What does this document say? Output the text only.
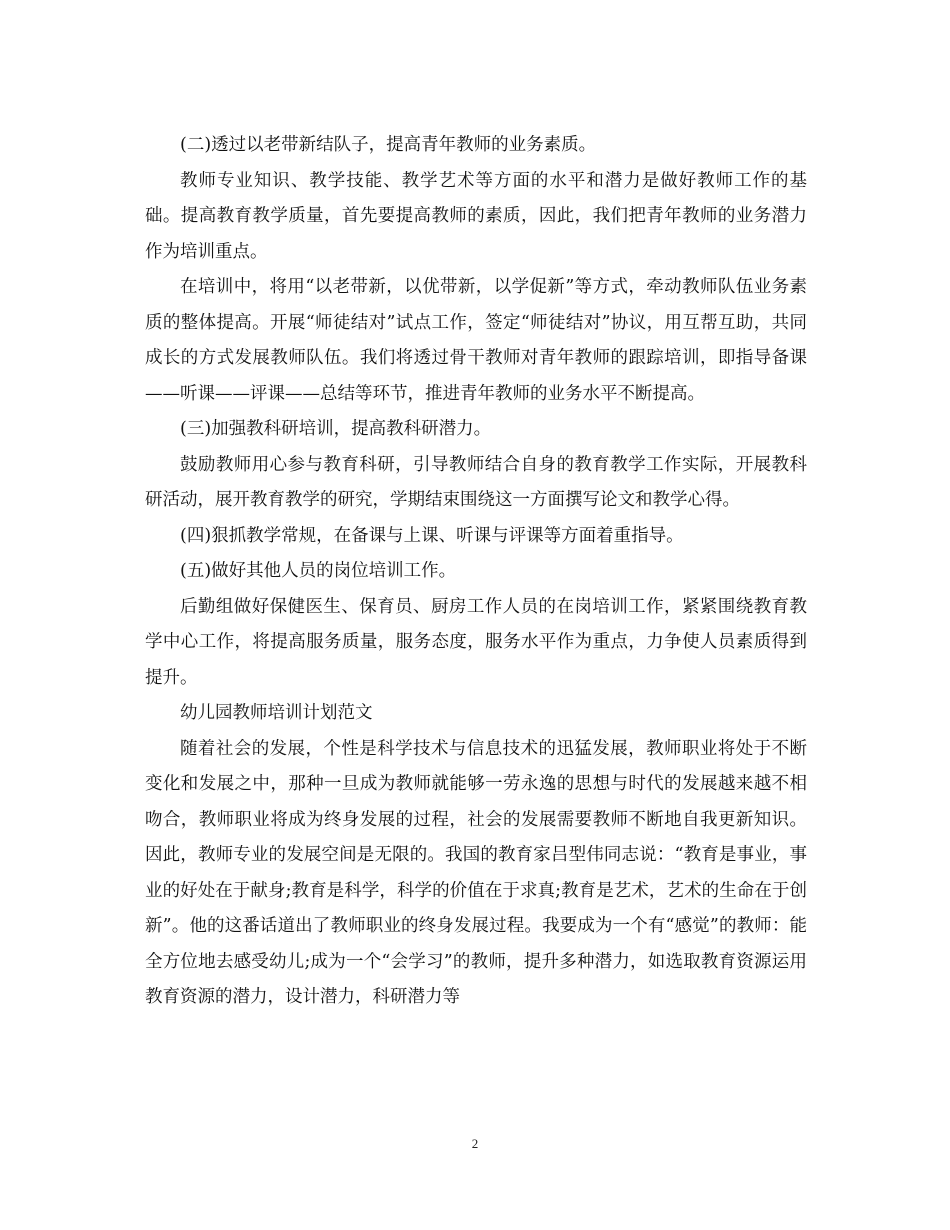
(二)透过以老带新结队子，提高青年教师的业务素质。

教师专业知识、教学技能、教学艺术等方面的水平和潜力是做好教师工作的基础。提高教育教学质量，首先要提高教师的素质，因此，我们把青年教师的业务潜力作为培训重点。

在培训中，将用“以老带新，以优带新，以学促新”等方式，牵动教师队伍业务素质的整体提高。开展“师徒结对”试点工作，签定“师徒结对”协议，用互帮互助，共同成长的方式发展教师队伍。我们将透过骨干教师对青年教师的跟踪培训，即指导备课——听课——评课——总结等环节，推进青年教师的业务水平不断提高。

(三)加强教科研培训，提高教科研潜力。

鼓励教师用心参与教育科研，引导教师结合自身的教育教学工作实际，开展教科研活动，展开教育教学的研究，学期结束围绕这一方面撰写论文和教学心得。

(四)狠抓教学常规，在备课与上课、听课与评课等方面着重指导。

(五)做好其他人员的岗位培训工作。

后勤组做好保健医生、保育员、厨房工作人员的在岗培训工作，紧紧围绕教育教学中心工作，将提高服务质量，服务态度，服务水平作为重点，力争使人员素质得到提升。

幼儿园教师培训计划范文

随着社会的发展，个性是科学技术与信息技术的迅猛发展，教师职业将处于不断变化和发展之中，那种一旦成为教师就能够一劳永逸的思想与时代的发展越来越不相吻合，教师职业将成为终身发展的过程，社会的发展需要教师不断地自我更新知识。因此，教师专业的发展空间是无限的。我国的教育家吕型伟同志说：“教育是事业，事业的好处在于献身;教育是科学，科学的价值在于求真;教育是艺术，艺术的生命在于创新”。他的这番话道出了教师职业的终身发展过程。我要成为一个有“感觉”的教师：能全方位地去感受幼儿;成为一个“会学习”的教师，提升多种潜力，如选取教育资源运用教育资源的潜力，设计潜力，科研潜力等

2
